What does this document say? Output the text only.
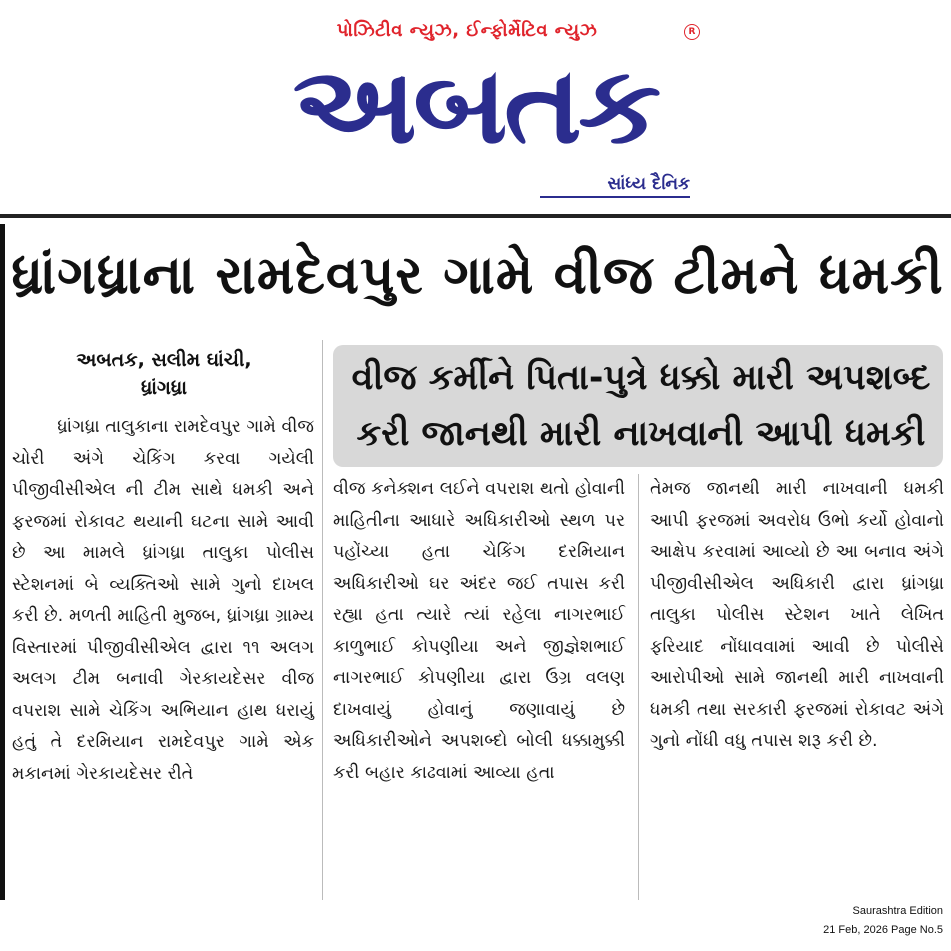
પોઝિટીવ ન્યુઝ, ઈન્ફોર્મેટિવ ન્યુઝ	R
અબતક
સાંધ્ય દૈનિક
ધ્રાંગધ્રાના રામદેવપુર ગામે વીજ ટીમને ધમકી
અબતક, સલીમ ઘાંચી,
ધ્રાંગધ્રા	વીજ કર્મીને પિતા-પુત્રે ધક્કો મારી અપશબ્દ
કરી જાનથી મારી નાખવાની આપી ધમકી
ધ્રાંગધ્રા તાલુકાના રામદેવપુર ગામે વીજ ચોરી અંગે ચેકિંગ કરવા ગયેલી પીજીવીસીએલ ની ટીમ સાથે ધમકી અને ફરજમાં રોકાવટ થયાની ઘટના સામે આવી છે આ મામલે ધ્રાંગધ્રા તાલુકા પોલીસ સ્ટેશનમાં બે વ્યક્તિઓ સામે ગુનો દાખલ કરી છે. મળતી માહિતી મુજબ, ધ્રાંગધ્રા ગ્રામ્ય વિસ્તારમાં પીજીવીસીએલ દ્વારા ૧૧ અલગ અલગ ટીમ બનાવી ગેરકાયદેસર વીજ વપરાશ સામે ચેકિંગ અભિયાન હાથ ધરાયું હતું તે દરમિયાન રામદેવપુર ગામે એક મકાનમાં ગેરકાયદેસર રીતે
વીજ કનેક્શન લઈને વપરાશ થતો હોવાની માહિતીના આધારે અધિકારીઓ સ્થળ પર પહોંચ્યા હતા ચેકિંગ દરમિયાન અધિકારીઓ ઘર અંદર જઈ તપાસ કરી રહ્યા હતા ત્યારે ત્યાં રહેલા નાગરભાઈ કાળુભાઈ કોપણીયા અને જીજ્ઞેશભાઈ નાગરભાઈ કોપણીયા દ્વારા ઉગ્ર વલણ દાખવાયું હોવાનું જણાવાયું છે અધિકારીઓને અપશબ્દો બોલી ધક્કામુક્કી કરી બહાર કાઢવામાં આવ્યા હતા
તેમજ જાનથી મારી નાખવાની ધમકી આપી ફરજમાં અવરોધ ઉભો કર્યો હોવાનો આક્ષેપ કરવામાં આવ્યો છે આ બનાવ અંગે પીજીવીસીએલ અધિકારી દ્વારા ધ્રાંગધ્રા તાલુકા પોલીસ સ્ટેશન ખાતે લેખિત ફરિયાદ નોંધાવવામાં આવી છે પોલીસે આરોપીઓ સામે જાનથી મારી નાખવાની ધમકી તથા સરકારી ફરજમાં રોકાવટ અંગે ગુનો નોંધી વધુ તપાસ શરૂ કરી છે.
Saurashtra Edition
21 Feb, 2026 Page No.5
